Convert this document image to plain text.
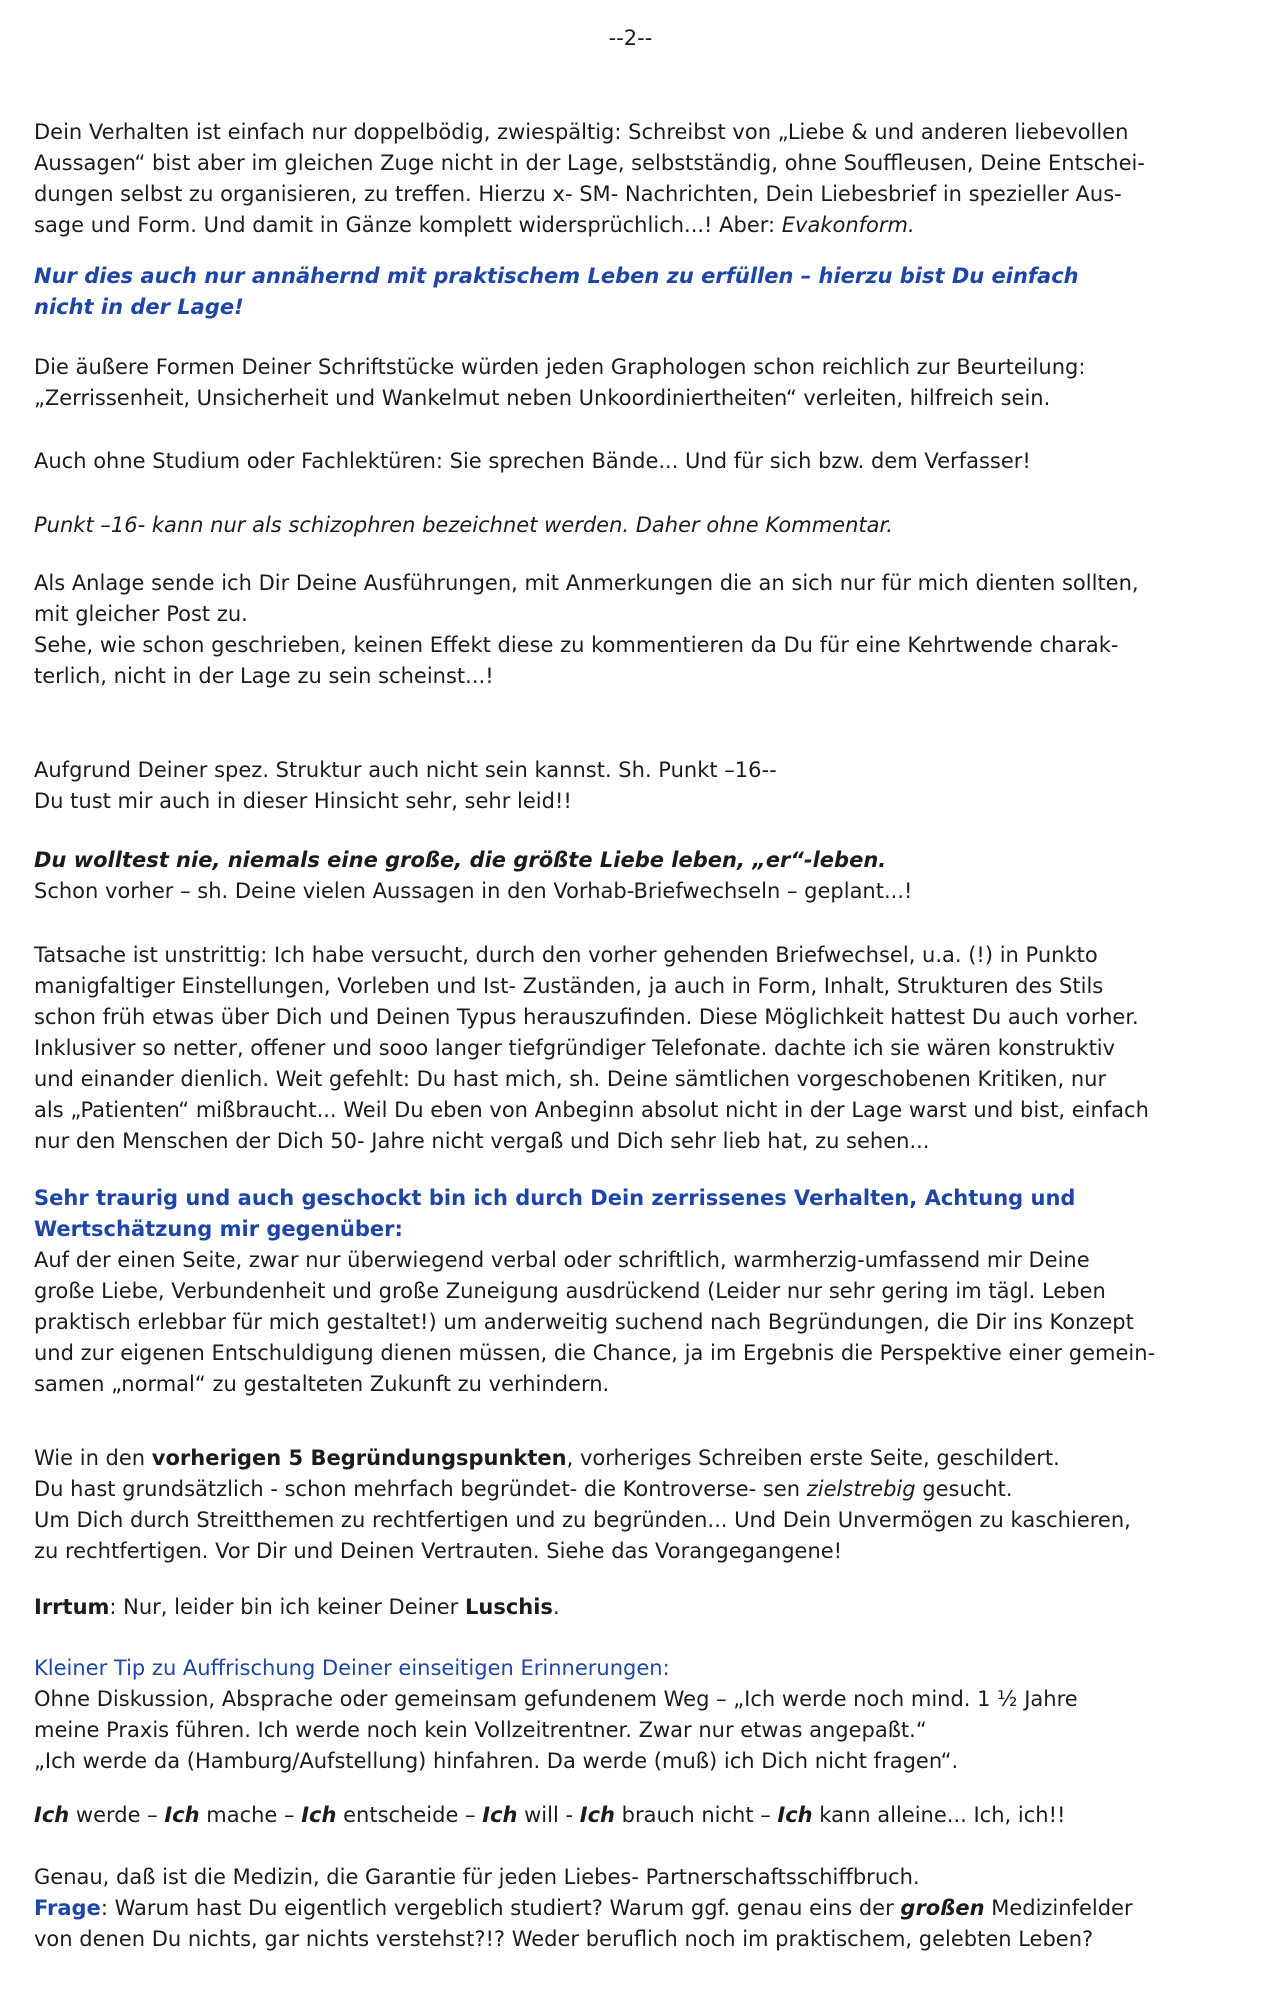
--2--
Dein Verhalten ist einfach nur doppelbödig, zwiespältig: Schreibst von „Liebe & und anderen liebevollen
Aussagen“ bist aber im gleichen Zuge nicht in der Lage, selbstständig, ohne Souffleusen, Deine Entschei-
dungen selbst zu organisieren, zu treffen. Hierzu x- SM- Nachrichten, Dein Liebesbrief in spezieller Aus-
sage und Form. Und damit in Gänze komplett widersprüchlich...! Aber: Evakonform.
Nur dies auch nur annähernd mit praktischem Leben zu erfüllen – hierzu bist Du einfach
nicht in der Lage!
Die äußere Formen Deiner Schriftstücke würden jeden Graphologen schon reichlich zur Beurteilung:
„Zerrissenheit, Unsicherheit und Wankelmut neben Unkoordiniertheiten“ verleiten, hilfreich sein.
Auch ohne Studium oder Fachlektüren: Sie sprechen Bände... Und für sich bzw. dem Verfasser!
Punkt –16- kann nur als schizophren bezeichnet werden. Daher ohne Kommentar.
Als Anlage sende ich Dir Deine Ausführungen, mit Anmerkungen die an sich nur für mich dienten sollten,
mit gleicher Post zu.
Sehe, wie schon geschrieben, keinen Effekt diese zu kommentieren da Du für eine Kehrtwende charak-
terlich, nicht in der Lage zu sein scheinst...!
Aufgrund Deiner spez. Struktur auch nicht sein kannst. Sh. Punkt –16--
Du tust mir auch in dieser Hinsicht sehr, sehr leid!!
Du wolltest nie, niemals eine große, die größte Liebe leben, „er“-leben.
Schon vorher – sh. Deine vielen Aussagen in den Vorhab-Briefwechseln – geplant...!
Tatsache ist unstrittig: Ich habe versucht, durch den vorher gehenden Briefwechsel, u.a. (!) in Punkto
manigfaltiger Einstellungen, Vorleben und Ist- Zuständen, ja auch in Form, Inhalt, Strukturen des Stils
schon früh etwas über Dich und Deinen Typus herauszufinden. Diese Möglichkeit hattest Du auch vorher.
Inklusiver so netter, offener und sooo langer tiefgründiger Telefonate. dachte ich sie wären konstruktiv
und einander dienlich. Weit gefehlt: Du hast mich, sh. Deine sämtlichen vorgeschobenen Kritiken, nur
als „Patienten“ mißbraucht... Weil Du eben von Anbeginn absolut nicht in der Lage warst und bist, einfach
nur den Menschen der Dich 50- Jahre nicht vergaß und Dich sehr lieb hat, zu sehen...
Sehr traurig und auch geschockt bin ich durch Dein zerrissenes Verhalten, Achtung und
Wertschätzung mir gegenüber:
Auf der einen Seite, zwar nur überwiegend verbal oder schriftlich, warmherzig-umfassend mir Deine
große Liebe, Verbundenheit und große Zuneigung ausdrückend (Leider nur sehr gering im tägl. Leben
praktisch erlebbar für mich gestaltet!) um anderweitig suchend nach Begründungen, die Dir ins Konzept
und zur eigenen Entschuldigung dienen müssen, die Chance, ja im Ergebnis die Perspektive einer gemein-
samen „normal“ zu gestalteten Zukunft zu verhindern.
Wie in den vorherigen 5 Begründungspunkten, vorheriges Schreiben erste Seite, geschildert.
Du hast grundsätzlich - schon mehrfach begründet- die Kontroverse- sen zielstrebig gesucht.
Um Dich durch Streitthemen zu rechtfertigen und zu begründen... Und Dein Unvermögen zu kaschieren,
zu rechtfertigen. Vor Dir und Deinen Vertrauten. Siehe das Vorangegangene!
Irrtum: Nur, leider bin ich keiner Deiner Luschis.
Kleiner Tip zu Auffrischung Deiner einseitigen Erinnerungen:
Ohne Diskussion, Absprache oder gemeinsam gefundenem Weg – „Ich werde noch mind. 1 ½ Jahre
meine Praxis führen. Ich werde noch kein Vollzeitrentner. Zwar nur etwas angepaßt.“
„Ich werde da (Hamburg/Aufstellung) hinfahren. Da werde (muß) ich Dich nicht fragen“.
Ich werde – Ich mache – Ich entscheide – Ich will - Ich brauch nicht – Ich kann alleine... Ich, ich!!
Genau, daß ist die Medizin, die Garantie für jeden Liebes- Partnerschaftsschiffbruch.
Frage: Warum hast Du eigentlich vergeblich studiert? Warum ggf. genau eins der großen Medizinfelder
von denen Du nichts, gar nichts verstehst?!? Weder beruflich noch im praktischem, gelebten Leben?
